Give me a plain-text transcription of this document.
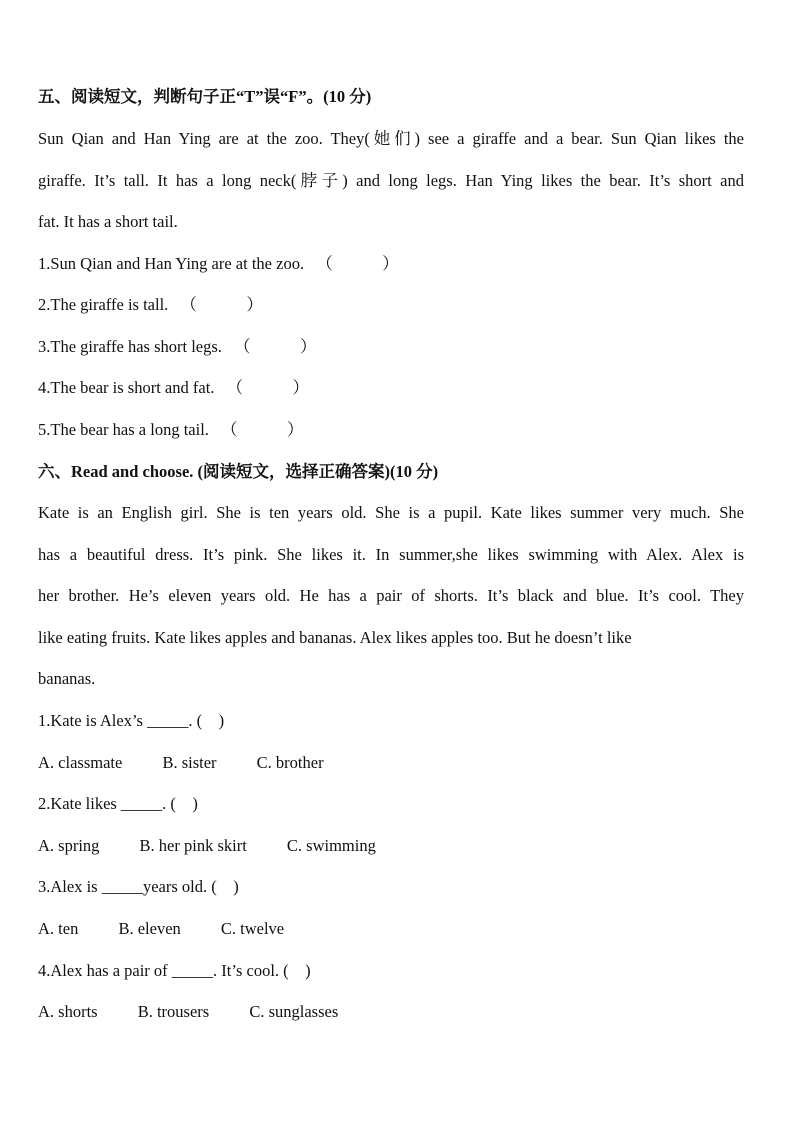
五、阅读短文，判断句子正“T”误“F”。(10 分)
Sun Qian and Han Ying are at the zoo. They(她们) see a giraffe and a bear. Sun Qian likes the
giraffe. It’s tall. It has a long neck(脖子) and long legs. Han Ying likes the bear. It’s short and
fat. It has a short tail.
1.Sun Qian and Han Ying are at the zoo. （　　　）
2.The giraffe is tall. （　　　）
3.The giraffe has short legs. （　　　）
4.The bear is short and fat. （　　　）
5.The bear has a long tail. （　　　）
六、Read and choose. (阅读短文，选择正确答案)(10 分)
Kate is an English girl. She is ten years old. She is a pupil. Kate likes summer very much. She
has a beautiful dress. It’s pink. She likes it. In summer,she likes swimming with Alex. Alex is
her brother. He’s eleven years old. He has a pair of shorts. It’s black and blue. It’s cool. They
like eating fruits. Kate likes apples and bananas. Alex likes apples too. But he doesn’t like
bananas.
1.Kate is Alex’s _____. (　)
A. classmate B. sister C. brother
2.Kate likes _____. (　)
A. spring B. her pink skirt C. swimming
3.Alex is _____years old. (　)
A. ten B. eleven C. twelve
4.Alex has a pair of _____. It’s cool. (　)
A. shorts B. trousers C. sunglasses
